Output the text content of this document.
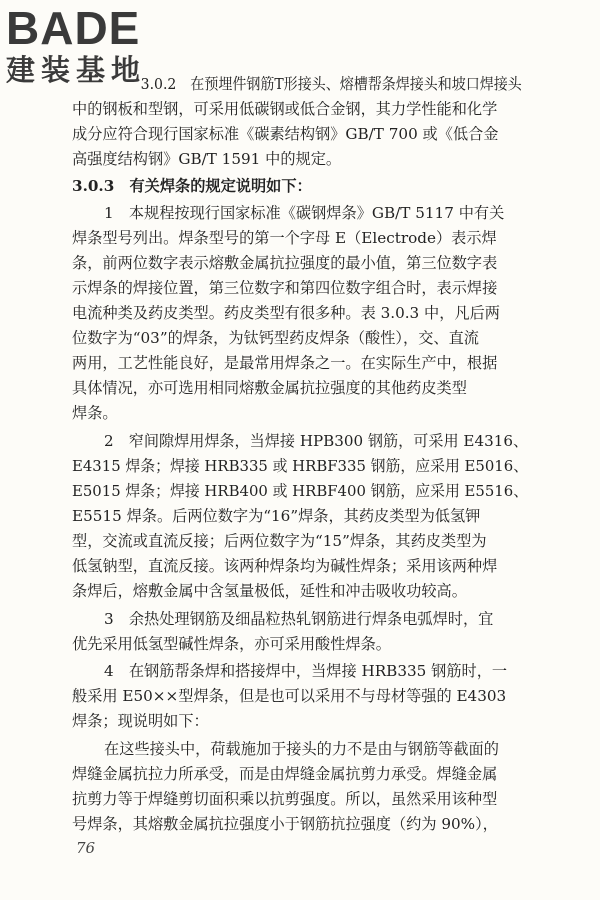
BADE
建装基地
3.0.2　在预埋件钢筋T形接头、熔槽帮条焊接头和坡口焊接头
中的钢板和型钢，可采用低碳钢或低合金钢，其力学性能和化学
成分应符合现行国家标准《碳素结构钢》GB/T 700 或《低合金
高强度结构钢》GB/T 1591 中的规定。
3.0.3　有关焊条的规定说明如下：
1　本规程按现行国家标准《碳钢焊条》GB/T 5117 中有关
焊条型号列出。焊条型号的第一个字母 E（Electrode）表示焊
条，前两位数字表示熔敷金属抗拉强度的最小值，第三位数字表
示焊条的焊接位置，第三位数字和第四位数字组合时，表示焊接
电流种类及药皮类型。药皮类型有很多种。表 3.0.3 中，凡后两
位数字为“03”的焊条，为钛钙型药皮焊条（酸性），交、直流
两用，工艺性能良好，是最常用焊条之一。在实际生产中，根据
具体情况，亦可选用相同熔敷金属抗拉强度的其他药皮类型
焊条。
2　窄间隙焊用焊条，当焊接 HPB300 钢筋，可采用 E4316、
E4315 焊条；焊接 HRB335 或 HRBF335 钢筋，应采用 E5016、
E5015 焊条；焊接 HRB400 或 HRBF400 钢筋，应采用 E5516、
E5515 焊条。后两位数字为“16”焊条，其药皮类型为低氢钾
型，交流或直流反接；后两位数字为“15”焊条，其药皮类型为
低氢钠型，直流反接。该两种焊条均为碱性焊条；采用该两种焊
条焊后，熔敷金属中含氢量极低，延性和冲击吸收功较高。
3　余热处理钢筋及细晶粒热轧钢筋进行焊条电弧焊时，宜
优先采用低氢型碱性焊条，亦可采用酸性焊条。
4　在钢筋帮条焊和搭接焊中，当焊接 HRB335 钢筋时，一
般采用 E50××型焊条，但是也可以采用不与母材等强的 E4303
焊条；现说明如下：
在这些接头中，荷载施加于接头的力不是由与钢筋等截面的
焊缝金属抗拉力所承受，而是由焊缝金属抗剪力承受。焊缝金属
抗剪力等于焊缝剪切面积乘以抗剪强度。所以，虽然采用该种型
号焊条，其熔敷金属抗拉强度小于钢筋抗拉强度（约为 90%），
76
